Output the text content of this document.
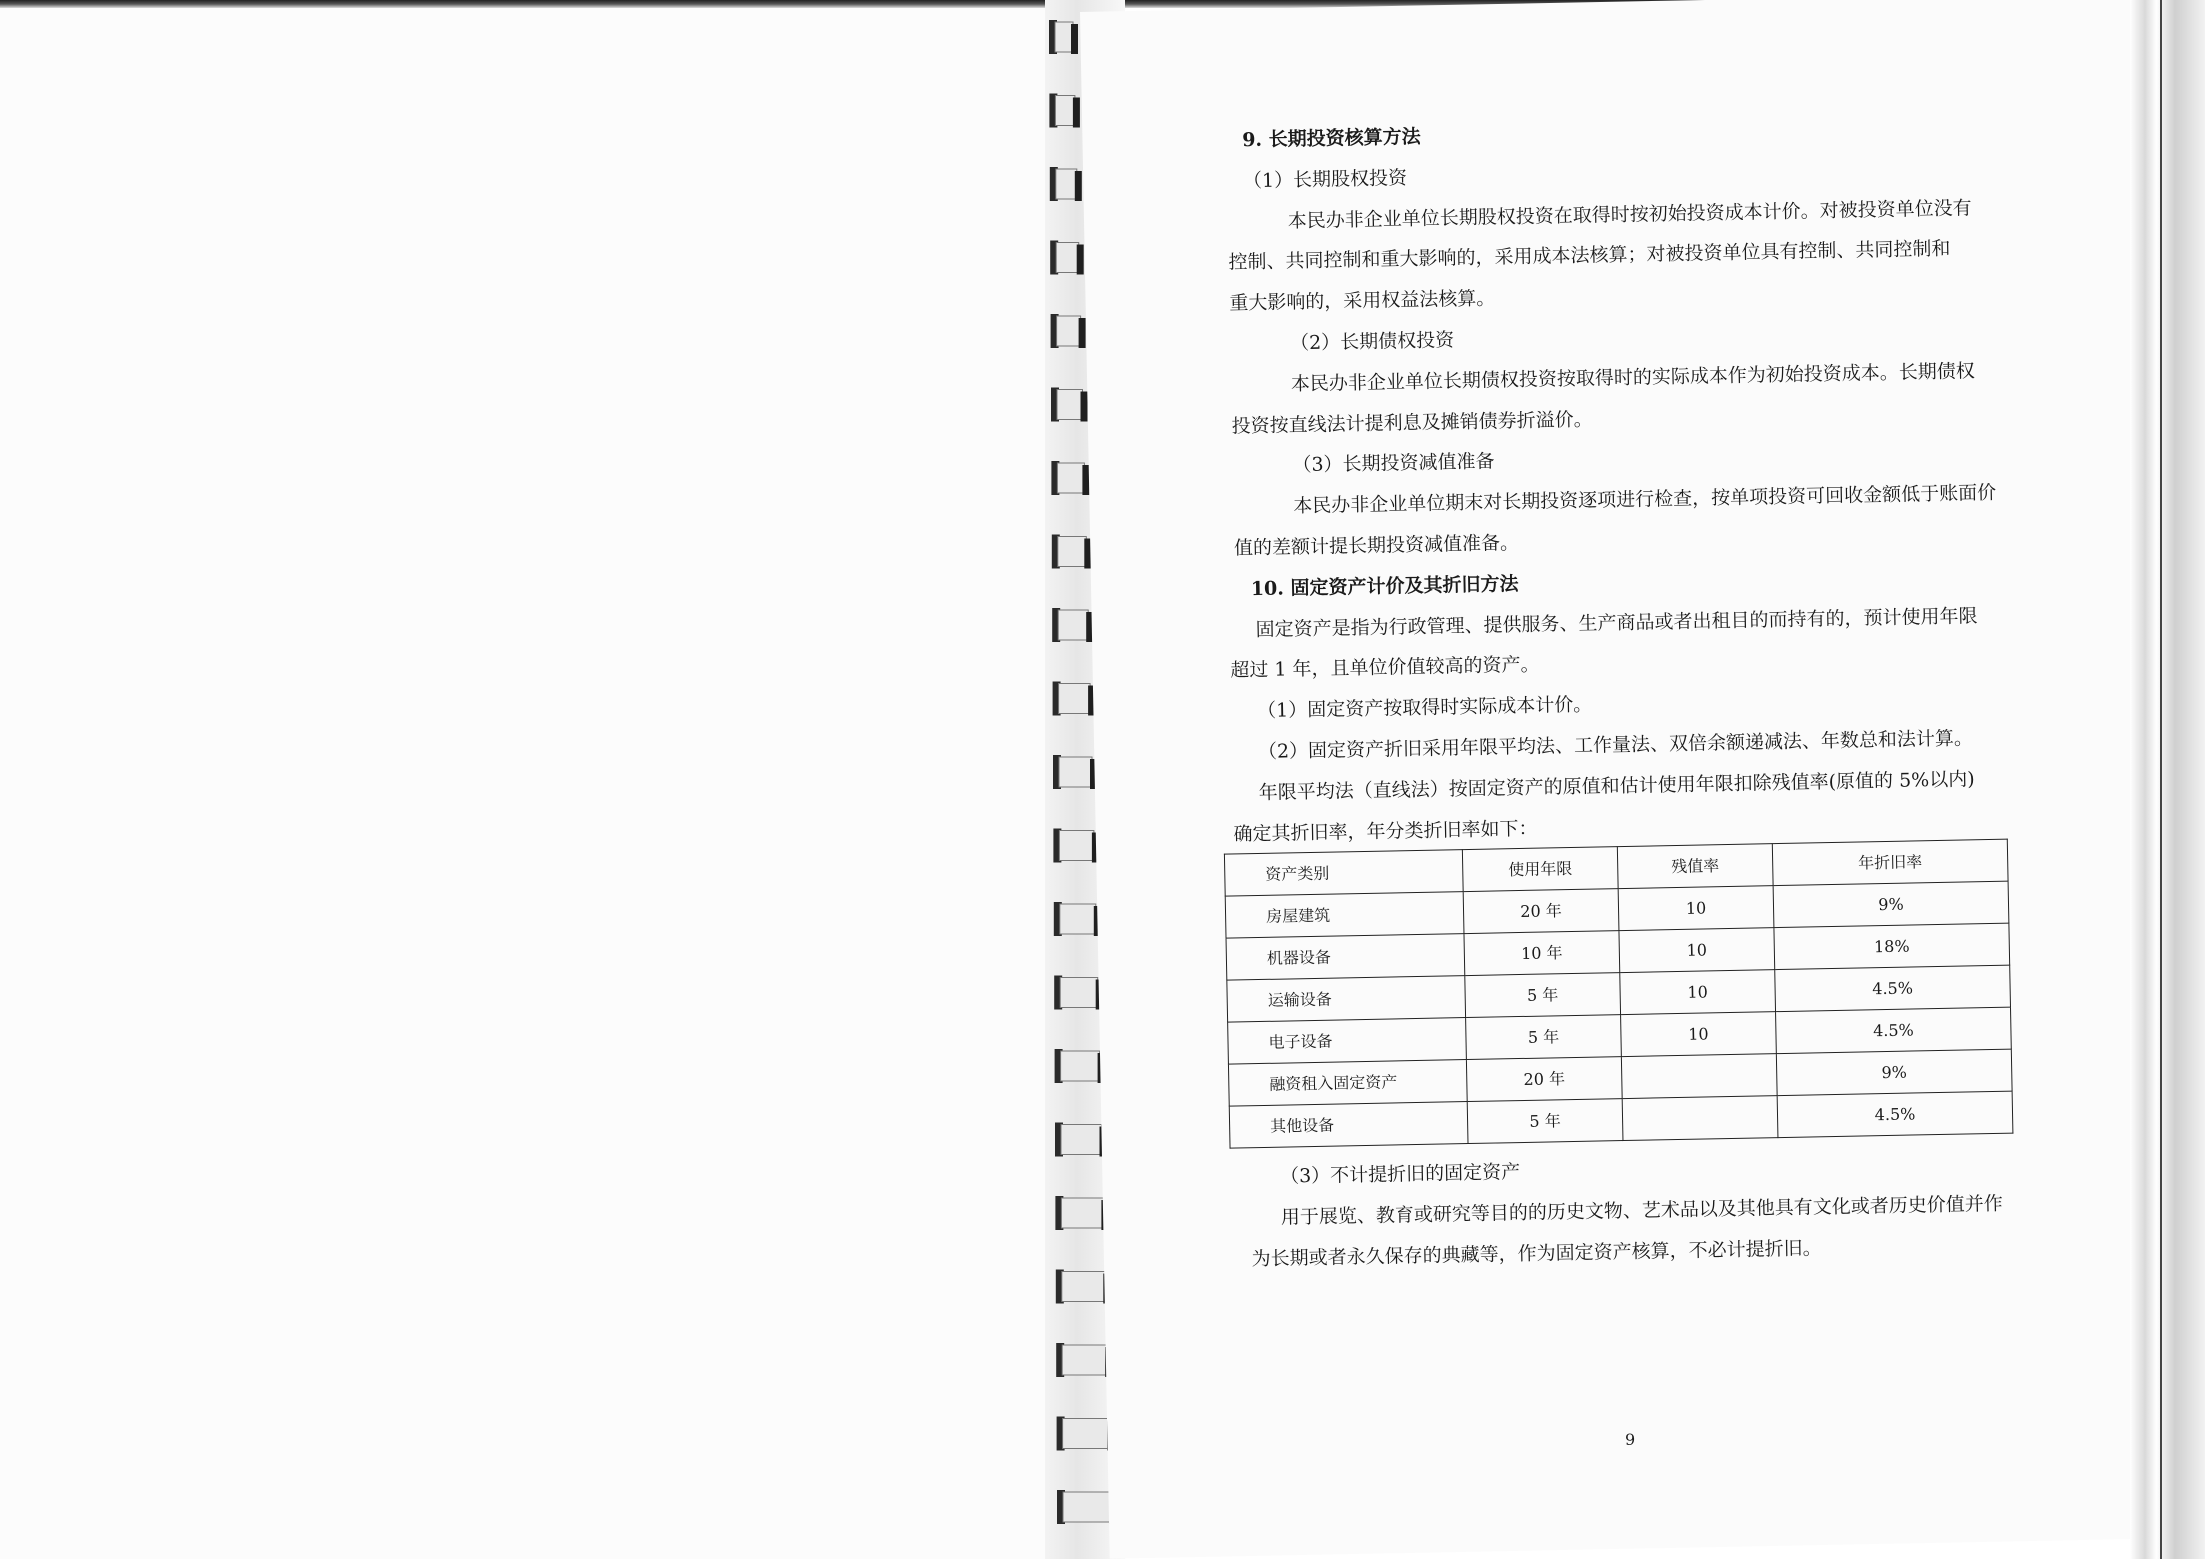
9. 长期投资核算方法
（1）长期股权投资
本民办非企业单位长期股权投资在取得时按初始投资成本计价。对被投资单位没有
控制、共同控制和重大影响的，采用成本法核算；对被投资单位具有控制、共同控制和
重大影响的，采用权益法核算。
（2）长期债权投资
本民办非企业单位长期债权投资按取得时的实际成本作为初始投资成本。长期债权
投资按直线法计提利息及摊销债券折溢价。
（3）长期投资减值准备
本民办非企业单位期末对长期投资逐项进行检查，按单项投资可回收金额低于账面价
值的差额计提长期投资减值准备。
10. 固定资产计价及其折旧方法
固定资产是指为行政管理、提供服务、生产商品或者出租目的而持有的，预计使用年限
超过 1 年，且单位价值较高的资产。
（1）固定资产按取得时实际成本计价。
（2）固定资产折旧采用年限平均法、工作量法、双倍余额递减法、年数总和法计算。
年限平均法（直线法）按固定资产的原值和估计使用年限扣除残值率(原值的 5%以内)
确定其折旧率，年分类折旧率如下：
资产类别	使用年限	残值率	年折旧率
房屋建筑	20 年	10	9%
机器设备	10 年	10	18%
运输设备	5 年	10	4.5%
电子设备	5 年	10	4.5%
融资租入固定资产	20 年		9%
其他设备	5 年		4.5%
（3）不计提折旧的固定资产
用于展览、教育或研究等目的的历史文物、艺术品以及其他具有文化或者历史价值并作
为长期或者永久保存的典藏等，作为固定资产核算，不必计提折旧。
9
